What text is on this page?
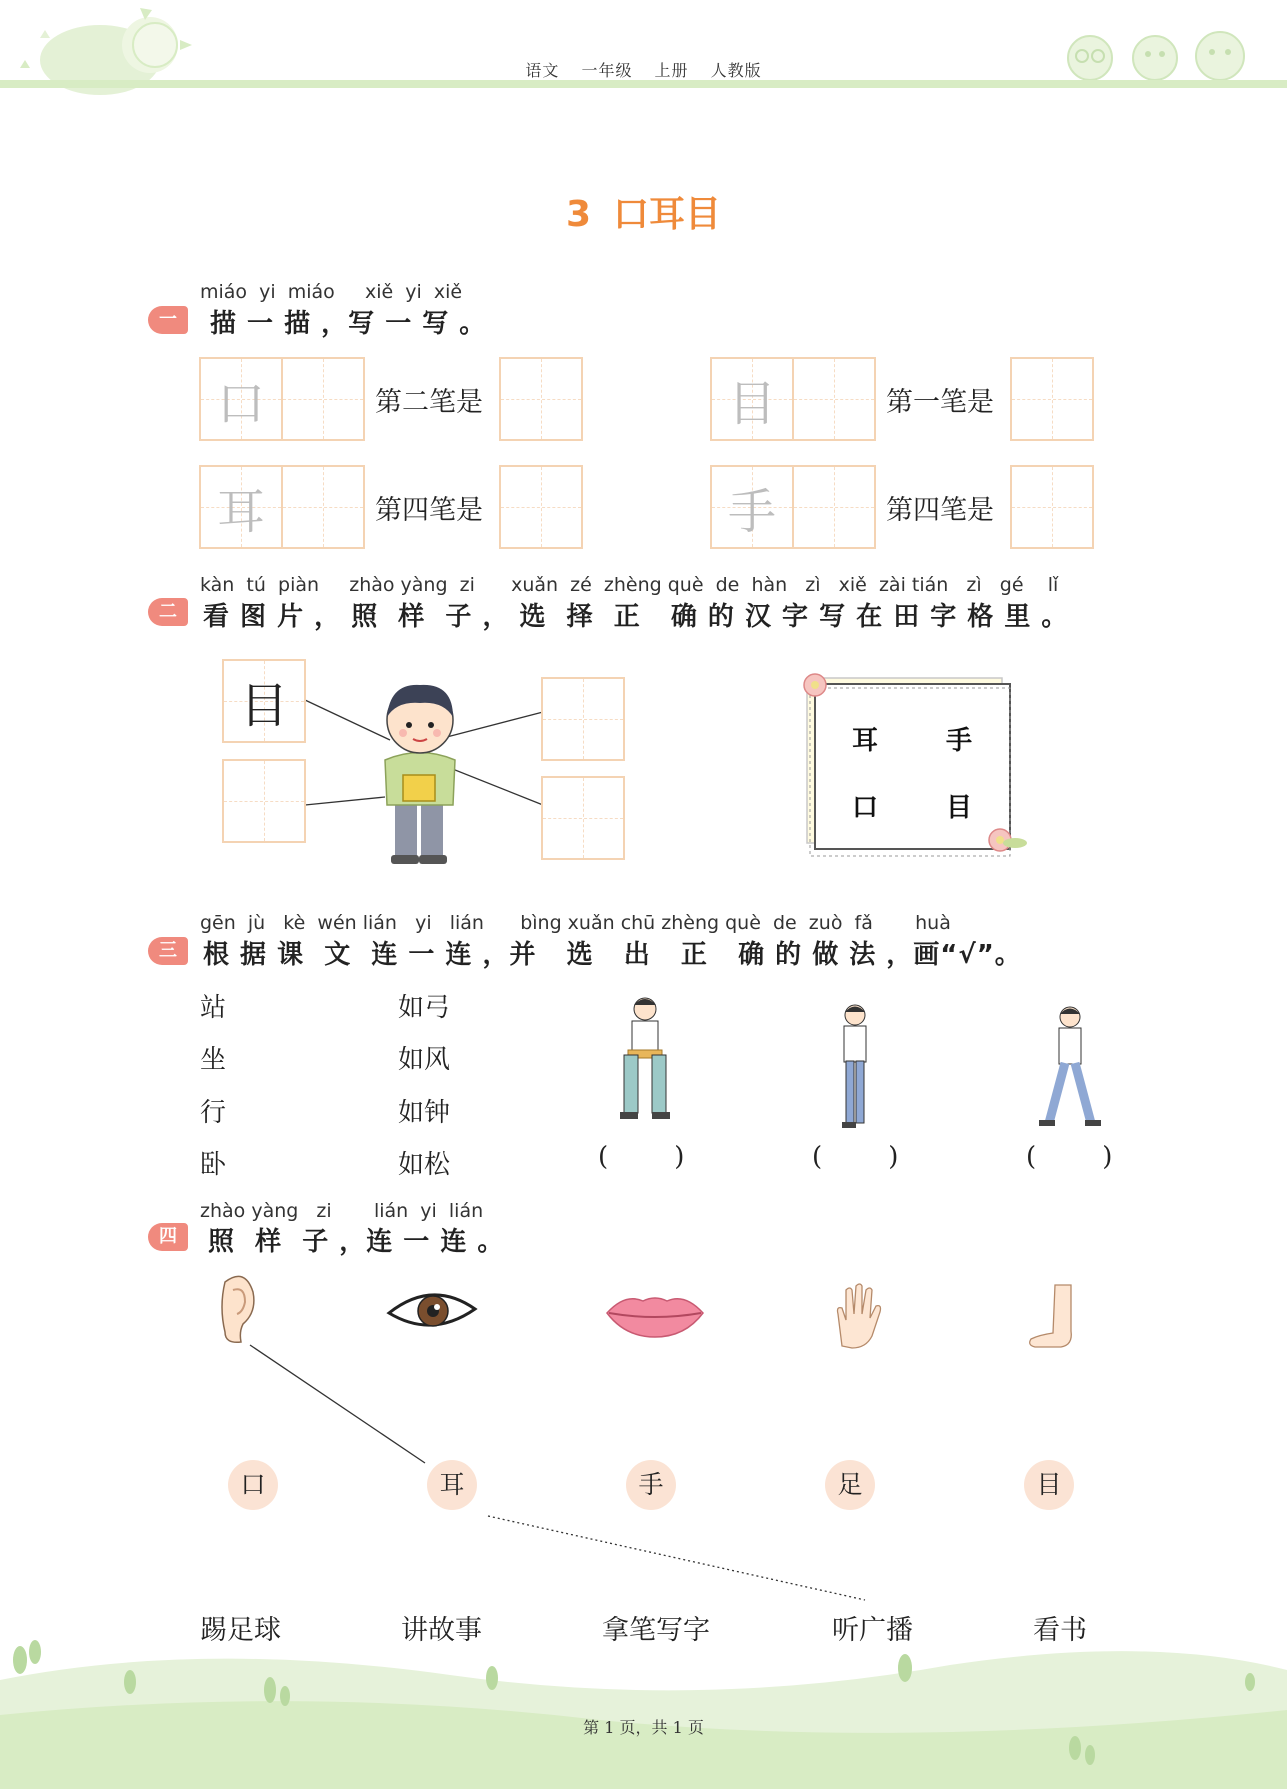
语文 一年级 上册 人教版
3 口耳目
miáo  yi  miáo     xiě  yi  xiě
一	描 一 描 ，写 一 写 。
口	第二笔是	目	第一笔是
耳	第四笔是	手	第四笔是
kàn  tú  piàn     zhào yàng  zi      xuǎn  zé  zhèng què  de  hàn   zì   xiě  zài tián   zì   gé    lǐ
二	看 图 片 ， 照  样  子 ， 选  择  正   确 的 汉 字 写 在 田 字 格 里 。
目
耳	手
口	目
gēn  jù   kè  wén lián   yi   lián      bìng xuǎn chū zhèng què  de  zuò  fǎ       huà
三	根 据 课  文  连 一 连 ，并   选   出   正   确 的 做 法 ，画“√”。
站
坐
行
卧
如弓
如风
如钟
如松	(        )	(        )	(        )
zhào yàng   zi       lián  yi  lián
四	照  样  子 ，连 一 连 。
口	耳	手	足	目
踢足球	讲故事	拿笔写字	听广播	看书
第 1 页，共 1 页
